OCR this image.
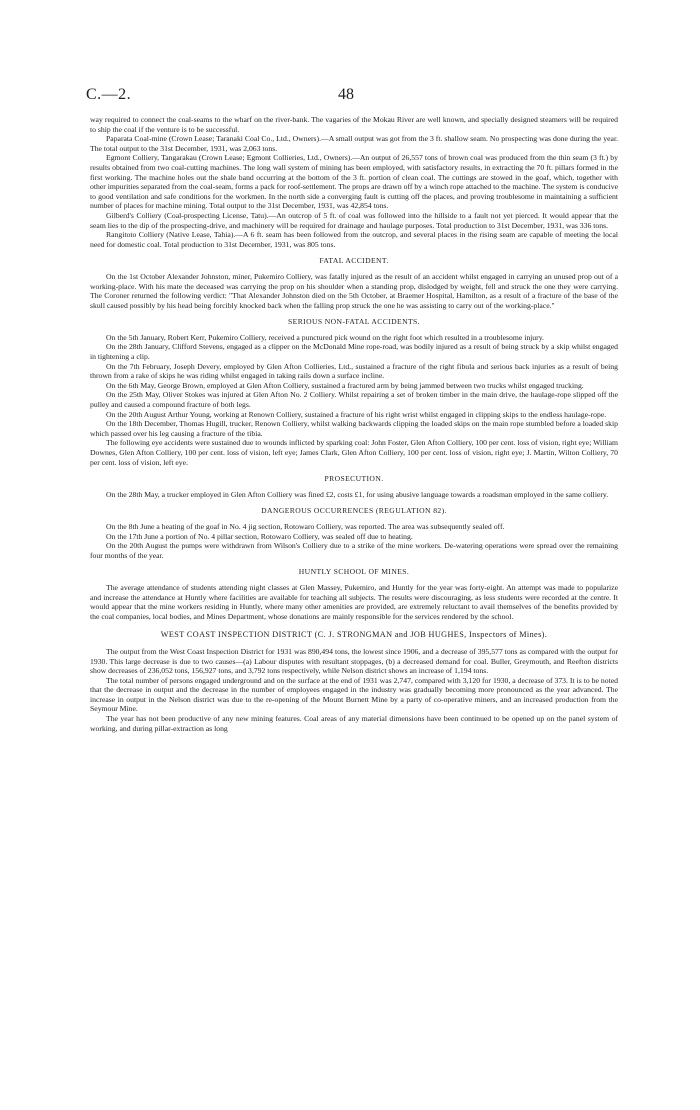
C.—2.	48

way required to connect the coal-seams to the wharf on the river-bank. The vagaries of the Mokau River are well known, and specially designed steamers will be required to ship the coal if the venture is to be successful.

Paparata Coal-mine (Crown Lease; Taranaki Coal Co., Ltd., Owners).—A small output was got from the 3 ft. shallow seam. No prospecting was done during the year. The total output to the 31st December, 1931, was 2,063 tons.

Egmont Colliery, Tangarakau (Crown Lease; Egmont Collieries, Ltd., Owners).—An output of 26,557 tons of brown coal was produced from the thin seam (3 ft.) by results obtained from two coal-cutting machines. The long wall system of mining has been employed, with satisfactory results, in extracting the 70 ft. pillars formed in the first working. The machine holes out the shale band occurring at the bottom of the 3 ft. portion of clean coal. The cuttings are stowed in the goaf, which, together with other impurities separated from the coal-seam, forms a pack for roof-settlement. The props are drawn off by a winch rope attached to the machine. The system is conducive to good ventilation and safe conditions for the workmen. In the north side a converging fault is cutting off the places, and proving troublesome in maintaining a sufficient number of places for machine mining. Total output to the 31st December, 1931, was 42,854 tons.

Gilberd's Colliery (Coal-prospecting License, Tatu).—An outcrop of 5 ft. of coal was followed into the hillside to a fault not yet pierced. It would appear that the seam lies to the dip of the prospecting-drive, and machinery will be required for drainage and haulage purposes. Total production to 31st December, 1931, was 336 tons.

Rangitoto Colliery (Native Lease, Tahia).—A 6 ft. seam has been followed from the outcrop, and several places in the rising seam are capable of meeting the local need for domestic coal. Total production to 31st December, 1931, was 805 tons.

FATAL ACCIDENT.

On the 1st October Alexander Johnston, miner, Pukemiro Colliery, was fatally injured as the result of an accident whilst engaged in carrying an unused prop out of a working-place. With his mate the deceased was carrying the prop on his shoulder when a standing prop, dislodged by weight, fell and struck the one they were carrying. The Coroner returned the following verdict: "That Alexander Johnston died on the 5th October, at Braemer Hospital, Hamilton, as a result of a fracture of the base of the skull caused possibly by his head being forcibly knocked back when the falling prop struck the one he was assisting to carry out of the working-place."

SERIOUS NON-FATAL ACCIDENTS.

On the 5th January, Robert Kerr, Pukemiro Colliery, received a punctured pick wound on the right foot which resulted in a troublesome injury.

On the 28th January, Clifford Stevens, engaged as a clipper on the McDonald Mine rope-road, was bodily injured as a result of being struck by a skip whilst engaged in tightening a clip.

On the 7th February, Joseph Devery, employed by Glen Afton Collieries, Ltd., sustained a fracture of the right fibula and serious back injuries as a result of being thrown from a rake of skips he was riding whilst engaged in taking rails down a surface incline.

On the 6th May, George Brown, employed at Glen Afton Colliery, sustained a fractured arm by being jammed between two trucks whilst engaged trucking.

On the 25th May, Oliver Stokes was injured at Glen Afton No. 2 Colliery. Whilst repairing a set of broken timber in the main drive, the haulage-rope slipped off the pulley and caused a compound fracture of both legs.

On the 20th August Arthur Young, working at Renown Colliery, sustained a fracture of his right wrist whilst engaged in clipping skips to the endless haulage-rope.

On the 18th December, Thomas Hugill, trucker, Renown Colliery, whilst walking backwards clipping the loaded skips on the main rope stumbled before a loaded skip which passed over his leg causing a fracture of the tibia.

The following eye accidents were sustained due to wounds inflicted by sparking coal: John Foster, Glen Afton Colliery, 100 per cent. loss of vision, right eye; William Downes, Glen Afton Colliery, 100 per cent. loss of vision, left eye; James Clark, Glen Afton Colliery, 100 per cent. loss of vision, right eye; J. Martin, Wilton Colliery, 70 per cent. loss of vision, left eye.

PROSECUTION.

On the 28th May, a trucker employed in Glen Afton Colliery was fined £2, costs £1, for using abusive language towards a roadsman employed in the same colliery.

DANGEROUS OCCURRENCES (REGULATION 82).

On the 8th June a heating of the goaf in No. 4 jig section, Rotowaro Colliery, was reported. The area was subsequently sealed off.

On the 17th June a portion of No. 4 pillar section, Rotowaro Colliery, was sealed off due to heating.

On the 20th August the pumps were withdrawn from Wilson's Colliery due to a strike of the mine workers. De-watering operations were spread over the remaining four months of the year.

HUNTLY SCHOOL OF MINES.

The average attendance of students attending night classes at Glen Massey, Pukemiro, and Huntly for the year was forty-eight. An attempt was made to popularize and increase the attendance at Huntly where facilities are available for teaching all subjects. The results were discouraging, as less students were recorded at the centre. It would appear that the mine workers residing in Huntly, where many other amenities are provided, are extremely reluctant to avail themselves of the benefits provided by the coal companies, local bodies, and Mines Department, whose donations are mainly responsible for the services rendered by the school.

WEST COAST INSPECTION DISTRICT (C. J. STRONGMAN and JOB HUGHES, Inspectors of Mines).

The output from the West Coast Inspection District for 1931 was 890,494 tons, the lowest since 1906, and a decrease of 395,577 tons as compared with the output for 1930. This large decrease is due to two causes—(a) Labour disputes with resultant stoppages, (b) a decreased demand for coal. Buller, Greymouth, and Reefton districts show decreases of 236,052 tons, 156,927 tons, and 3,792 tons respectively, while Nelson district shows an increase of 1,194 tons.

The total number of persons engaged underground and on the surface at the end of 1931 was 2,747, compared with 3,120 for 1930, a decrease of 373. It is to be noted that the decrease in output and the decrease in the number of employees engaged in the industry was gradually becoming more pronounced as the year advanced. The increase in output in the Nelson district was due to the re-opening of the Mount Burnett Mine by a party of co-operative miners, and an increased production from the Seymour Mine.

The year has not been productive of any new mining features. Coal areas of any material dimensions have been continued to be opened up on the panel system of working, and during pillar-extraction as long
